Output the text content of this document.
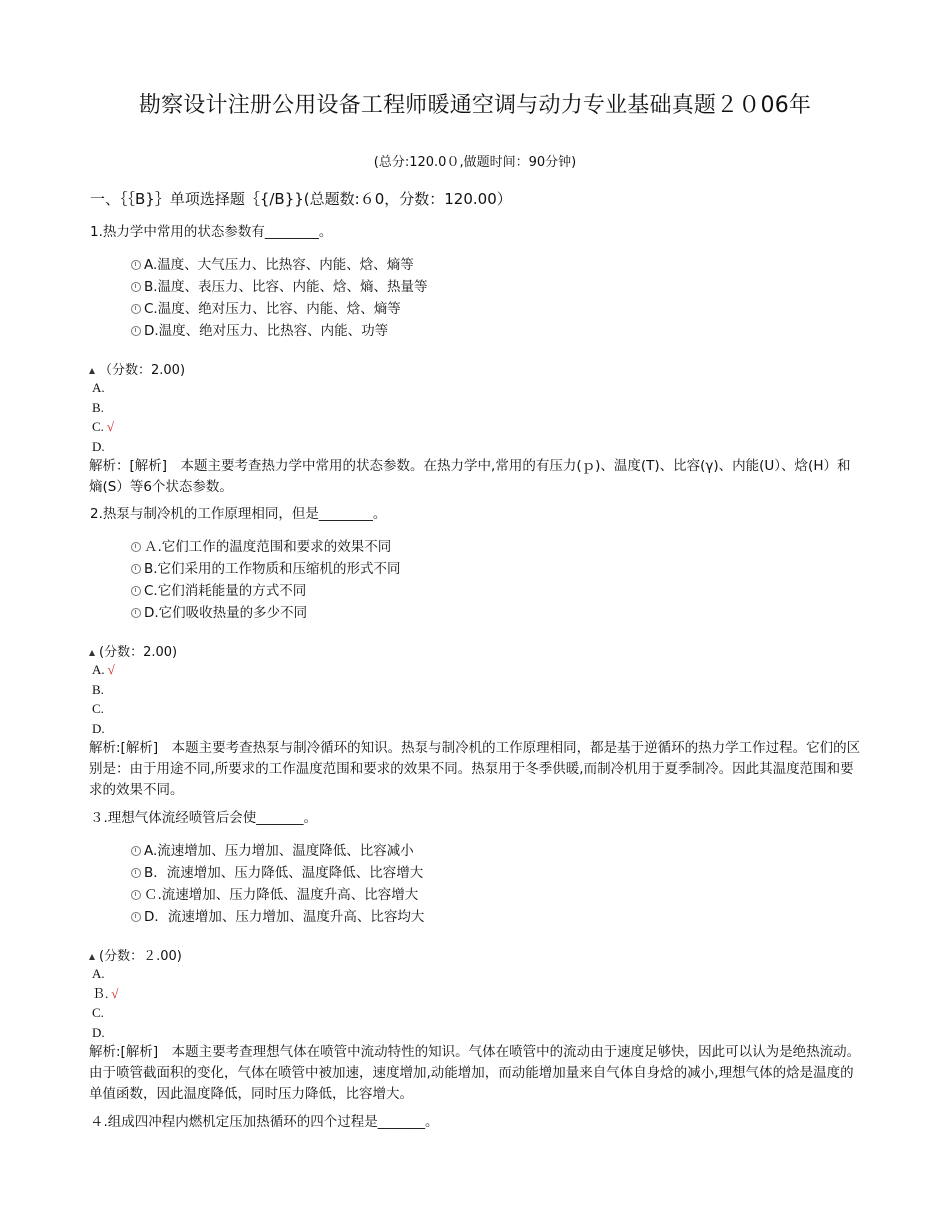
勘察设计注册公用设备工程师暖通空调与动力专业基础真题２０06年
(总分:120.0０,做题时间：90分钟)
一、｛｛B}｝单项选择题｛{/B}}(总题数:６0，分数：120.00）
1.热力学中常用的状态参数有________。
A.温度、大气压力、比热容、内能、焓、熵等
B.温度、表压力、比容、内能、焓、熵、热量等
C.温度、绝对压力、比容、内能、焓、熵等
D.温度、绝对压力、比热容、内能、功等
（分数：2.00)
A.
B.
C. √
D.
解析：[解析]　本题主要考查热力学中常用的状态参数。在热力学中,常用的有压力(ｐ)、温度(T)、比容(γ)、内能(U）、焓(H）和熵(S）等6个状态参数。
2.热泵与制冷机的工作原理相同，但是________。
Ａ.它们工作的温度范围和要求的效果不同
B.它们采用的工作物质和压缩机的形式不同
C.它们消耗能量的方式不同
D.它们吸收热量的多少不同
(分数：2.00)
A. √
B.
C.
D.
解析:[解析]　本题主要考查热泵与制冷循环的知识。热泵与制冷机的工作原理相同，都是基于逆循环的热力学工作过程。它们的区别是：由于用途不同,所要求的工作温度范围和要求的效果不同。热泵用于冬季供暖,而制冷机用于夏季制冷。因此其温度范围和要求的效果不同。
３.理想气体流经喷管后会使_______。
A.流速增加、压力增加、温度降低、比容减小
B．流速增加、压力降低、温度降低、比容增大
Ｃ.流速增加、压力降低、温度升高、比容增大
D．流速增加、压力增加、温度升高、比容均大
(分数：２.00)
A.
Ｂ. √
C.
D.
解析:[解析]　本题主要考查理想气体在喷管中流动特性的知识。气体在喷管中的流动由于速度足够快，因此可以认为是绝热流动。由于喷管截面积的变化，气体在喷管中被加速，速度增加,动能增加，而动能增加量来自气体自身焓的减小,理想气体的焓是温度的单值函数，因此温度降低，同时压力降低，比容增大。
４.组成四冲程内燃机定压加热循环的四个过程是_______。
